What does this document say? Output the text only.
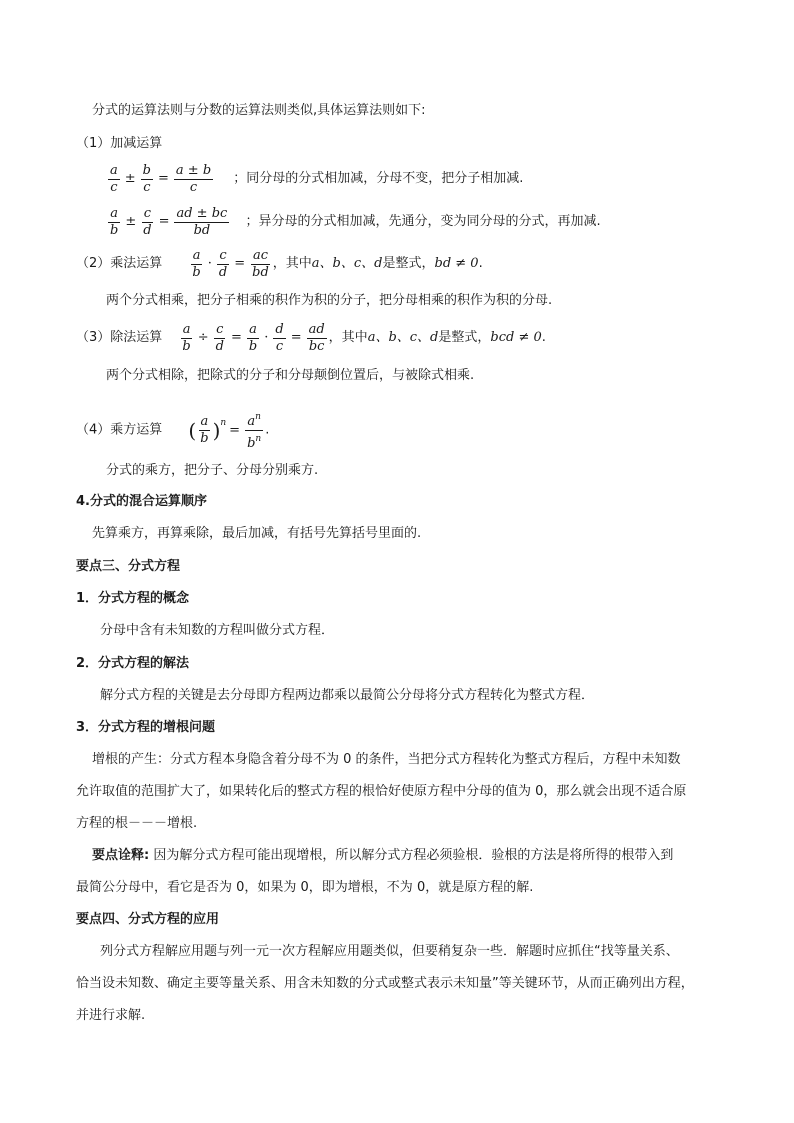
分式的运算法则与分数的运算法则类似,具体运算法则如下:
（1）加减运算
$\frac{a}{c} \pm \frac{b}{c} = \frac{a \pm b}{c}$ ；同分母的分式相加减，分母不变，把分子相加减.
$\frac{a}{b} \pm \frac{c}{d} = \frac{ad \pm bc}{bd}$ ；异分母的分式相加减，先通分，变为同分母的分式，再加减.
（2）乘法运算 $\frac{a}{b} \cdot \frac{c}{d} = \frac{ac}{bd}$ ，其中a、b、c、d是整式，bd ≠ 0.
两个分式相乘，把分子相乘的积作为积的分子，把分母相乘的积作为积的分母.
（3）除法运算 $\frac{a}{b} \div \frac{c}{d} = \frac{a}{b} \cdot \frac{d}{c} = \frac{ad}{bc}$ ，其中a、b、c、d是整式，bcd ≠ 0.
两个分式相除，把除式的分子和分母颠倒位置后，与被除式相乘.
（4）乘方运算 ( $\frac{a}{b} )^n = \frac{a^n}{b^n}$ .
分式的乘方，把分子、分母分别乘方.
4.分式的混合运算顺序
先算乘方，再算乘除，最后加减，有括号先算括号里面的.
要点三、分式方程
1．分式方程的概念
分母中含有未知数的方程叫做分式方程．
2．分式方程的解法
解分式方程的关键是去分母即方程两边都乘以最简公分母将分式方程转化为整式方程．
3．分式方程的增根问题
增根的产生：分式方程本身隐含着分母不为 0 的条件，当把分式方程转化为整式方程后，方程中未知数
允许取值的范围扩大了，如果转化后的整式方程的根恰好使原方程中分母的值为 0，那么就会出现不适合原
方程的根－－－增根.
要点诠释: 因为解分式方程可能出现增根，所以解分式方程必须验根．验根的方法是将所得的根带入到
最简公分母中，看它是否为 0，如果为 0，即为增根，不为 0，就是原方程的解.
要点四、分式方程的应用
列分式方程解应用题与列一元一次方程解应用题类似，但要稍复杂一些．解题时应抓住“找等量关系、
恰当设未知数、确定主要等量关系、用含未知数的分式或整式表示未知量”等关键环节，从而正确列出方程，
并进行求解.
